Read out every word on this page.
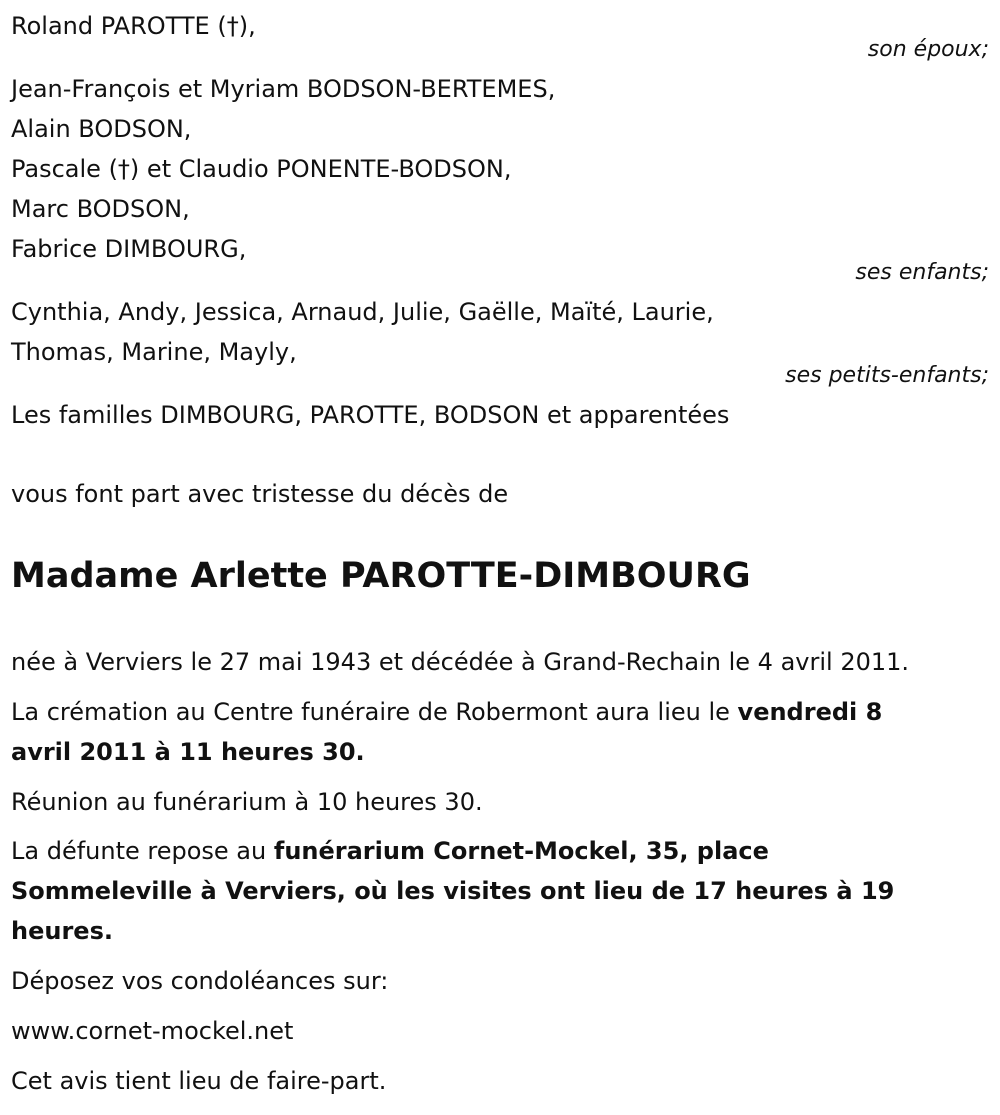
Roland PAROTTE (†),
son époux;
Jean-François et Myriam BODSON-BERTEMES,
Alain BODSON,
Pascale (†) et Claudio PONENTE-BODSON,
Marc BODSON,
Fabrice DIMBOURG,
ses enfants;
Cynthia, Andy, Jessica, Arnaud, Julie, Gaëlle, Maïté, Laurie,
Thomas, Marine, Mayly,
ses petits-enfants;
Les familles DIMBOURG, PAROTTE, BODSON et apparentées
vous font part avec tristesse du décès de
Madame Arlette PAROTTE-DIMBOURG
née à Verviers le 27 mai 1943 et décédée à Grand-Rechain le 4 avril 2011.
La crémation au Centre funéraire de Robermont aura lieu le vendredi 8
avril 2011 à 11 heures 30.
Réunion au funérarium à 10 heures 30.
La défunte repose au funérarium Cornet-Mockel, 35, place
Sommeleville à Verviers, où les visites ont lieu de 17 heures à 19
heures.
Déposez vos condoléances sur:
www.cornet-mockel.net
Cet avis tient lieu de faire-part.
